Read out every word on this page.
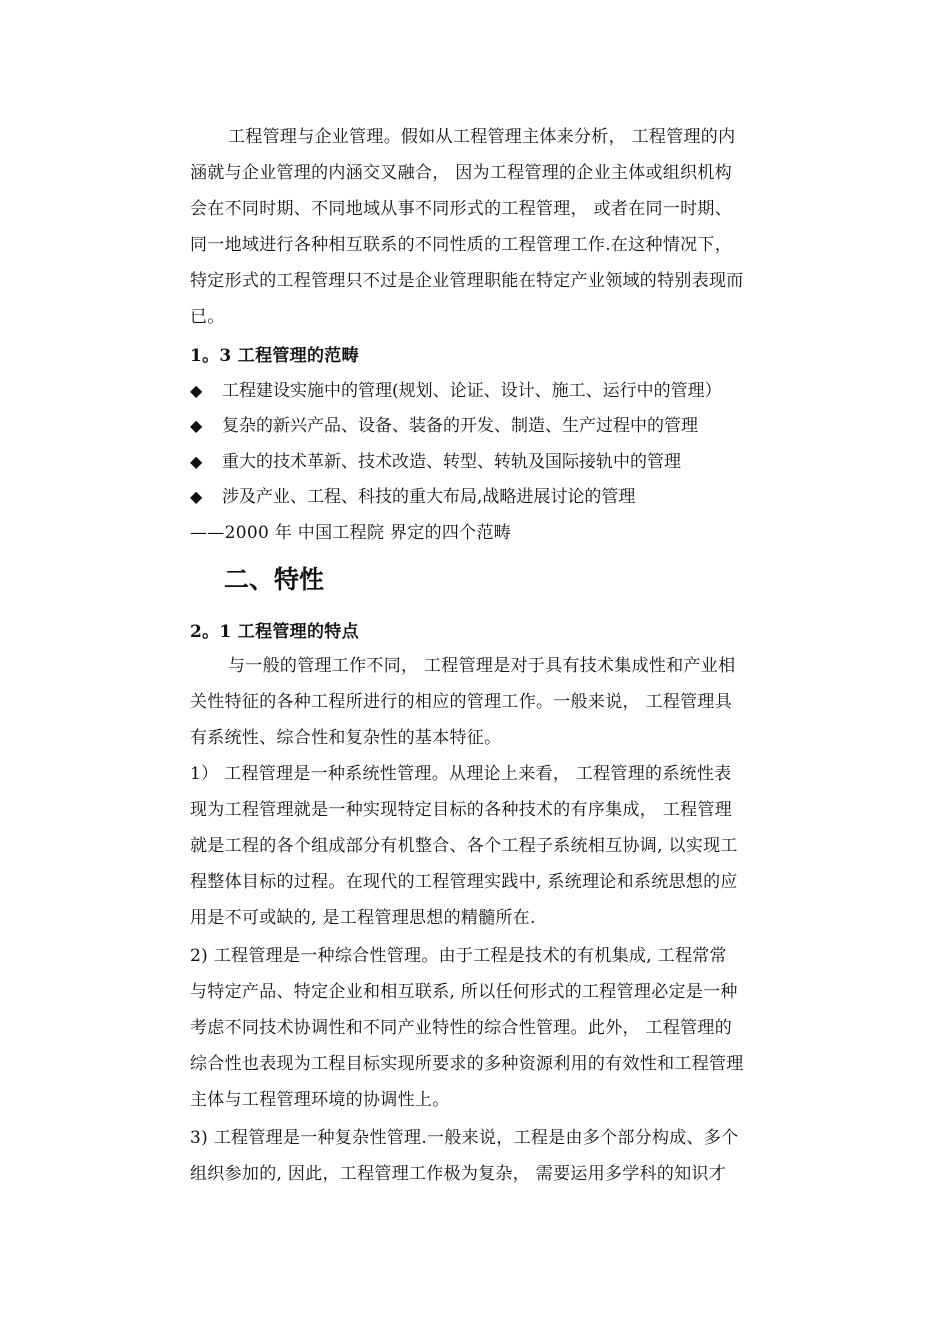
工程管理与企业管理。假如从工程管理主体来分析， 工程管理的内
涵就与企业管理的内涵交叉融合， 因为工程管理的企业主体或组织机构
会在不同时期、不同地域从事不同形式的工程管理， 或者在同一时期、
同一地域进行各种相互联系的不同性质的工程管理工作.在这种情况下，
特定形式的工程管理只不过是企业管理职能在特定产业领域的特别表现而
已。
1。3 工程管理的范畴
◆ 工程建设实施中的管理(规划、论证、设计、施工、运行中的管理）
◆ 复杂的新兴产品、设备、装备的开发、制造、生产过程中的管理
◆ 重大的技术革新、技术改造、转型、转轨及国际接轨中的管理
◆ 涉及产业、工程、科技的重大布局,战略进展讨论的管理
——2000 年 中国工程院 界定的四个范畴
二、特性
2。1 工程管理的特点
与一般的管理工作不同， 工程管理是对于具有技术集成性和产业相
关性特征的各种工程所进行的相应的管理工作。一般来说， 工程管理具
有系统性、综合性和复杂性的基本特征。
1） 工程管理是一种系统性管理。从理论上来看， 工程管理的系统性表
现为工程管理就是一种实现特定目标的各种技术的有序集成， 工程管理
就是工程的各个组成部分有机整合、各个工程子系统相互协调, 以实现工
程整体目标的过程。在现代的工程管理实践中, 系统理论和系统思想的应
用是不可或缺的, 是工程管理思想的精髓所在.
2) 工程管理是一种综合性管理。由于工程是技术的有机集成, 工程常常
与特定产品、特定企业和相互联系, 所以任何形式的工程管理必定是一种
考虑不同技术协调性和不同产业特性的综合性管理。此外， 工程管理的
综合性也表现为工程目标实现所要求的多种资源利用的有效性和工程管理
主体与工程管理环境的协调性上。
3) 工程管理是一种复杂性管理.一般来说，工程是由多个部分构成、多个
组织参加的, 因此，工程管理工作极为复杂， 需要运用多学科的知识才
